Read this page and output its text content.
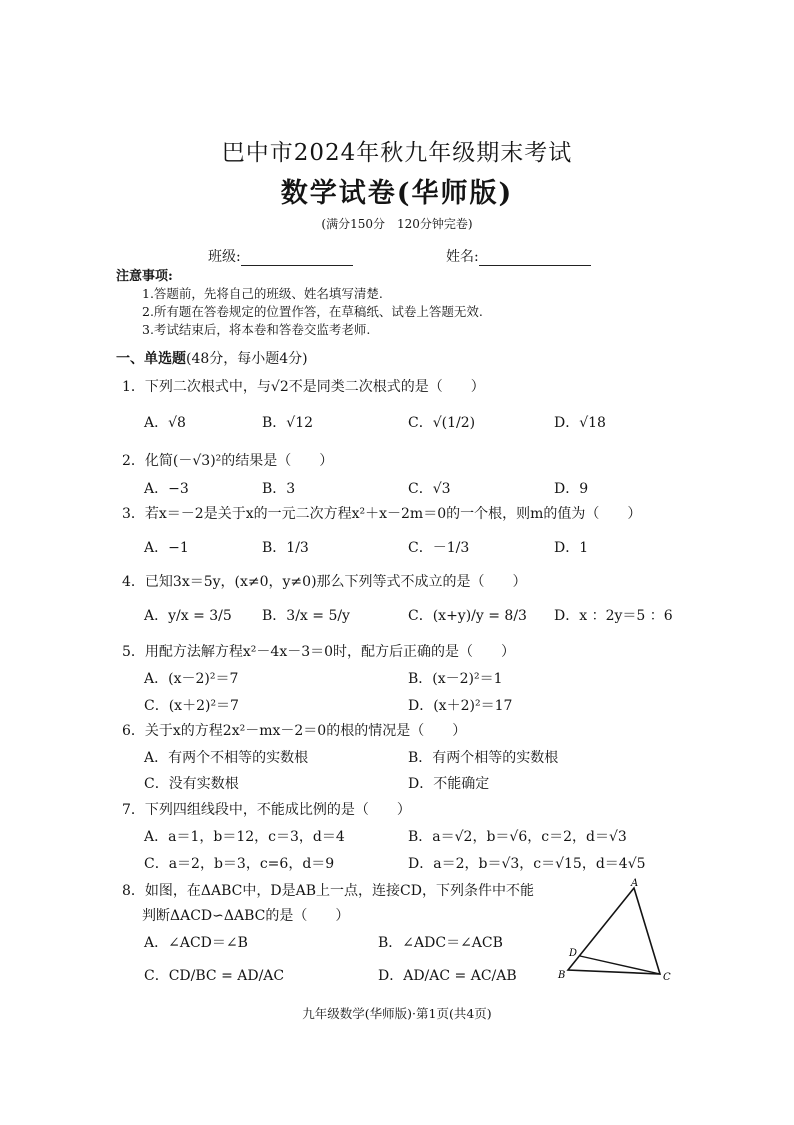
巴中市2024年秋九年级期末考试
数学试卷(华师版)
(满分150分　120分钟完卷)
班级:	姓名:
注意事项:
1.答题前，先将自己的班级、姓名填写清楚.
2.所有题在答卷规定的位置作答，在草稿纸、试卷上答题无效.
3.考试结束后，将本卷和答卷交监考老师.
一、单选题(48分，每小题4分)
1．下列二次根式中，与√2不是同类二次根式的是（　　）
A．√8	B．√12	C．√(1/2)	D．√18
2．化简(－√3)²的结果是（　　）
A．−3	B．3	C．√3	D．9
3．若x＝－2是关于x的一元二次方程x²＋x－2m＝0的一个根，则m的值为（　　）
A．−1	B．1/3	C．－1/3	D．1
4．已知3x＝5y，(x≠0，y≠0)那么下列等式不成立的是（　　）
A．y/x = 3/5 B．3/x = 5/y	C．(x+y)/y = 8/3 D．x ：2y＝5 ：6
5．用配方法解方程x²－4x－3＝0时，配方后正确的是（　　）
A．(x－2)²＝7	B．(x－2)²＝1
C．(x＋2)²＝7	D．(x＋2)²＝17
6．关于x的方程2x²－mx－2＝0的根的情况是（　　）
A．有两个不相等的实数根	B．有两个相等的实数根
C．没有实数根	D．不能确定
7．下列四组线段中，不能成比例的是（　　）
A．a＝1，b＝12，c＝3，d＝4	B．a＝√2，b＝√6，c＝2，d＝√3
C．a＝2，b＝3，c=6，d＝9	D．a＝2，b＝√3，c＝√15，d＝4√5
8．如图，在ΔABC中，D是AB上一点，连接CD，下列条件中不能
判断ΔACD∽ΔABC的是（　　）
A．∠ACD＝∠B	B．∠ADC＝∠ACB
C．CD/BC = AD/AC	D．AD/AC = AC/AB
A
B	C
D
九年级数学(华师版)·第1页(共4页)
